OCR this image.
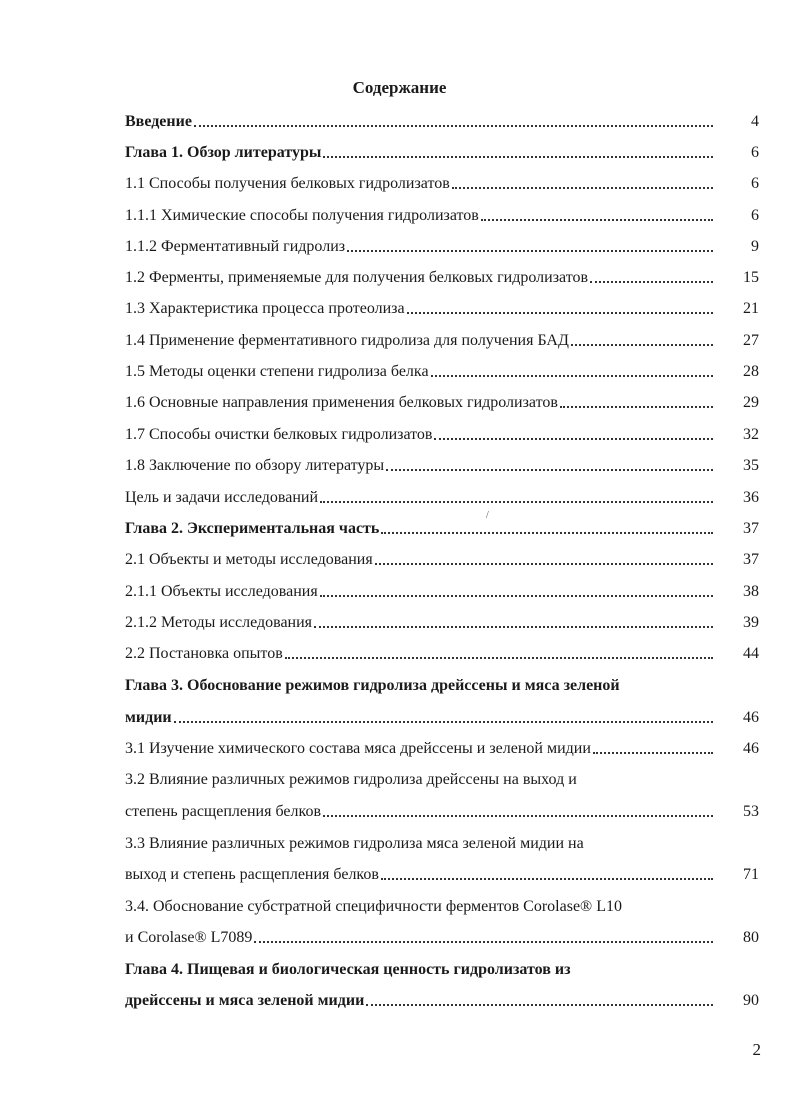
Содержание
Введение	4
Глава 1. Обзор литературы	6
1.1 Способы получения белковых гидролизатов	6
1.1.1 Химические способы получения гидролизатов	6
1.1.2 Ферментативный гидролиз	9
1.2 Ферменты, применяемые для получения белковых гидролизатов	15
1.3 Характеристика процесса протеолиза	21
1.4 Применение ферментативного гидролиза для получения БАД	27
1.5 Методы оценки степени гидролиза белка	28
1.6 Основные направления применения белковых гидролизатов	29
1.7 Способы очистки белковых гидролизатов	32
1.8 Заключение по обзору литературы	35
Цель и задачи исследований	36
Глава 2. Экспериментальная часть	37
2.1 Объекты и методы исследования	37
2.1.1 Объекты исследования	38
2.1.2 Методы исследования	39
2.2 Постановка опытов	44
Глава 3. Обоснование режимов гидролиза дрейссены и мяса зеленой
мидии	46
3.1 Изучение химического состава мяса дрейссены и зеленой мидии	46
3.2 Влияние различных режимов гидролиза дрейссены на выход и
степень расщепления белков	53
3.3 Влияние различных режимов гидролиза мяса зеленой мидии на
выход и степень расщепления белков	71
3.4. Обоснование субстратной специфичности ферментов Corolase® L10
и Corolase® L7089	80
Глава 4. Пищевая и биологическая ценность гидролизатов из
дрейссены и мяса зеленой мидии	90
/
2
